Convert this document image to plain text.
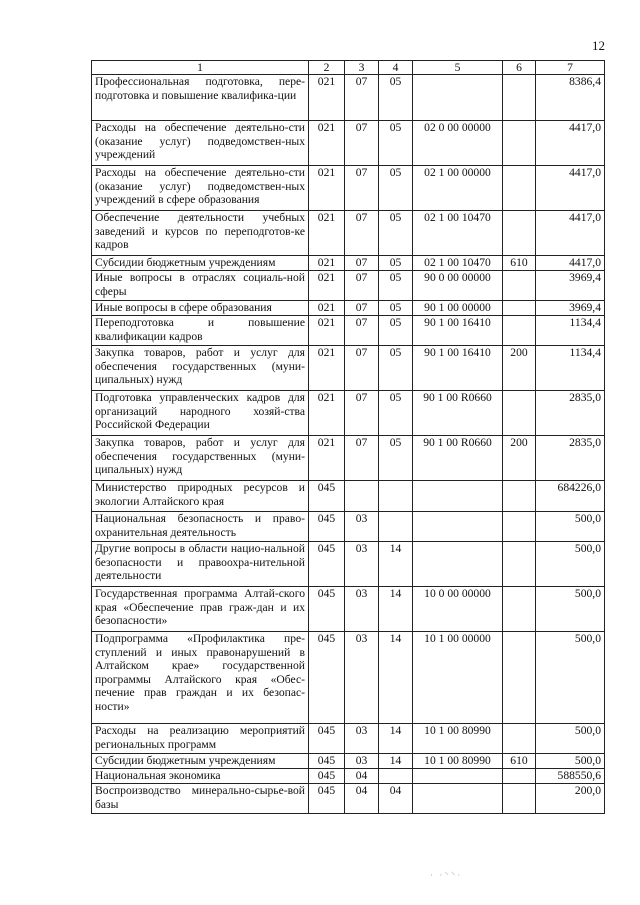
12
1	2	3	4	5	6	7
Профессиональная подготовка, пере-подготовка и повышение квалифика-ции	021	07	05			8386,4
Расходы на обеспечение деятельно-сти (оказание услуг) подведомствен-ных учреждений	021	07	05	02 0 00 00000		4417,0
Расходы на обеспечение деятельно-сти (оказание услуг) подведомствен-ных учреждений в сфере образования	021	07	05	02 1 00 00000		4417,0
Обеспечение деятельности учебных заведений и курсов по переподготов-ке кадров	021	07	05	02 1 00 10470		4417,0
Субсидии бюджетным учреждениям	021	07	05	02 1 00 10470	610	4417,0
Иные вопросы в отраслях социаль-ной сферы	021	07	05	90 0 00 00000		3969,4
Иные вопросы в сфере образования	021	07	05	90 1 00 00000		3969,4
Переподготовка и повышение квалификации кадров	021	07	05	90 1 00 16410		1134,4
Закупка товаров, работ и услуг для обеспечения государственных (муни-ципальных) нужд	021	07	05	90 1 00 16410	200	1134,4
Подготовка управленческих кадров для организаций народного хозяй-ства Российской Федерации	021	07	05	90 1 00 R0660		2835,0
Закупка товаров, работ и услуг для обеспечения государственных (муни-ципальных) нужд	021	07	05	90 1 00 R0660	200	2835,0
Министерство природных ресурсов и экологии Алтайского края	045					684226,0
Национальная безопасность и право-охранительная деятельность	045	03				500,0
Другие вопросы в области нацио-нальной безопасности и правоохра-нительной деятельности	045	03	14			500,0
Государственная программа Алтай-ского края «Обеспечение прав граж-дан и их безопасности»	045	03	14	10 0 00 00000		500,0
Подпрограмма «Профилактика пре-ступлений и иных правонарушений в Алтайском крае» государственной программы Алтайского края «Обес-печение прав граждан и их безопас-ности»	045	03	14	10 1 00 00000		500,0
Расходы на реализацию мероприятий региональных программ	045	03	14	10 1 00 80990		500,0
Субсидии бюджетным учреждениям	045	03	14	10 1 00 80990	610	500,0
Национальная экономика	045	04				588550,6
Воспроизводство минерально-сырье-вой базы	045	04	04			200,0
· ·⸌⸌·
